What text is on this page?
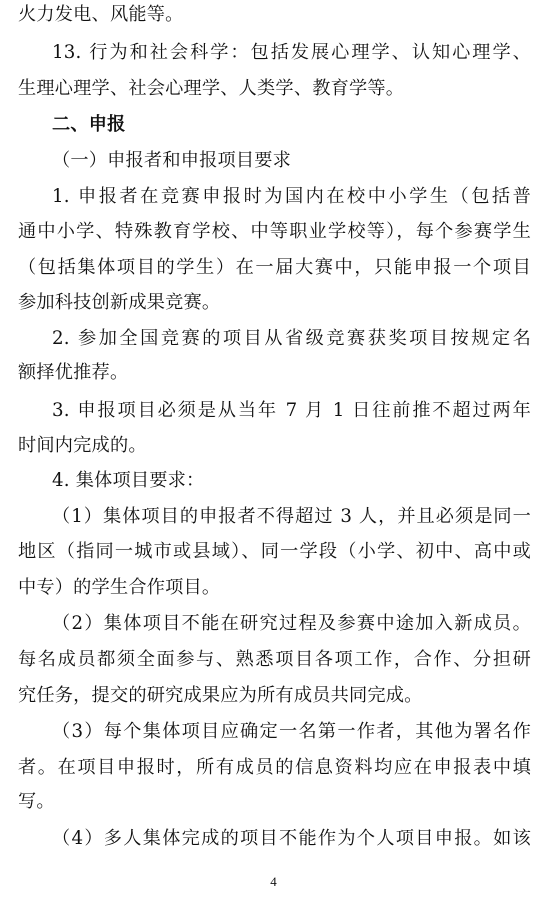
火力发电、风能等。
13. 行为和社会科学：包括发展心理学、认知心理学、
生理心理学、社会心理学、人类学、教育学等。
二、申报
（一）申报者和申报项目要求
1. 申报者在竞赛申报时为国内在校中小学生（包括普
通中小学、特殊教育学校、中等职业学校等），每个参赛学生
（包括集体项目的学生）在一届大赛中，只能申报一个项目
参加科技创新成果竞赛。
2. 参加全国竞赛的项目从省级竞赛获奖项目按规定名
额择优推荐。
3. 申报项目必须是从当年 7 月 1 日往前推不超过两年
时间内完成的。
4. 集体项目要求：
（1）集体项目的申报者不得超过 3 人，并且必须是同一
地区（指同一城市或县域）、同一学段（小学、初中、高中或
中专）的学生合作项目。
（2）集体项目不能在研究过程及参赛中途加入新成员。
每名成员都须全面参与、熟悉项目各项工作，合作、分担研
究任务，提交的研究成果应为所有成员共同完成。
（3）每个集体项目应确定一名第一作者，其他为署名作
者。在项目申报时，所有成员的信息资料均应在申报表中填
写。
（4）多人集体完成的项目不能作为个人项目申报。如该
4
